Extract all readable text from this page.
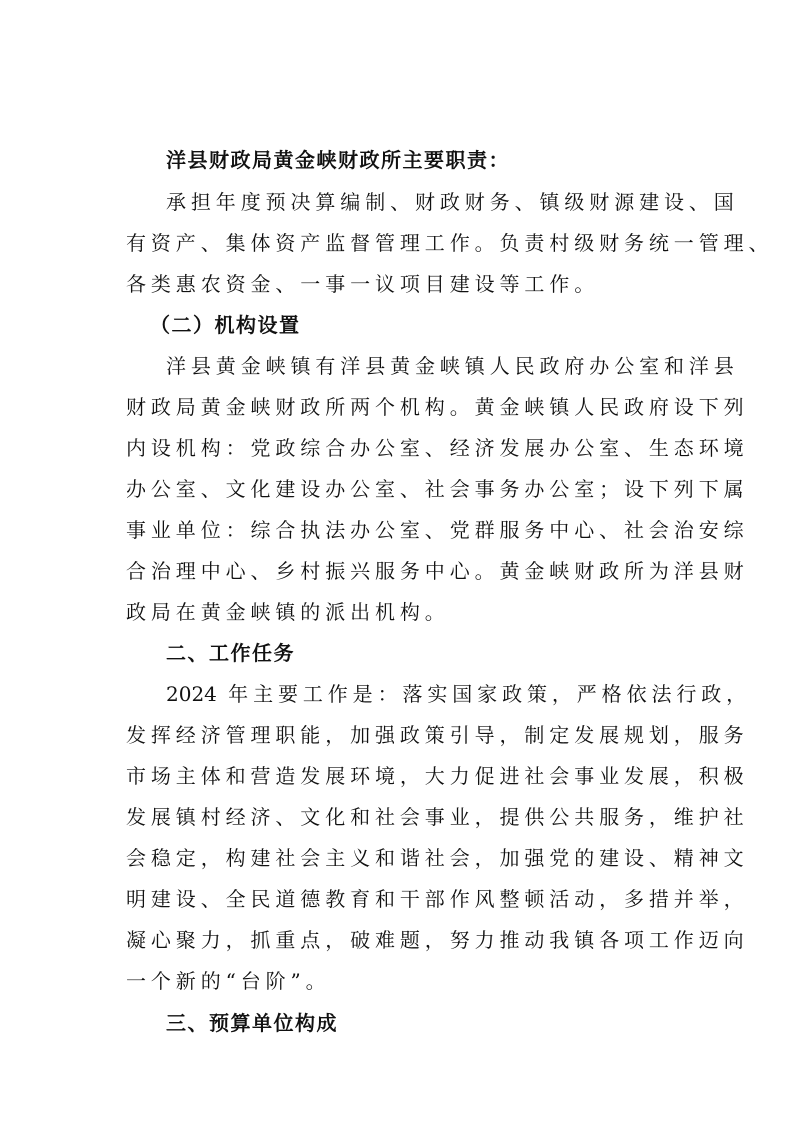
洋县财政局黄金峡财政所主要职责：
承担年度预决算编制、财政财务、镇级财源建设、国
有资产、集体资产监督管理工作。负责村级财务统一管理、
各类惠农资金、一事一议项目建设等工作。
（二）机构设置
洋县黄金峡镇有洋县黄金峡镇人民政府办公室和洋县
财政局黄金峡财政所两个机构。黄金峡镇人民政府设下列
内设机构：党政综合办公室、经济发展办公室、生态环境
办公室、文化建设办公室、社会事务办公室；设下列下属
事业单位：综合执法办公室、党群服务中心、社会治安综
合治理中心、乡村振兴服务中心。黄金峡财政所为洋县财
政局在黄金峡镇的派出机构。
二、工作任务
2024 年主要工作是：落实国家政策，严格依法行政，
发挥经济管理职能，加强政策引导，制定发展规划，服务
市场主体和营造发展环境，大力促进社会事业发展，积极
发展镇村经济、文化和社会事业，提供公共服务，维护社
会稳定，构建社会主义和谐社会，加强党的建设、精神文
明建设、全民道德教育和干部作风整顿活动，多措并举，
凝心聚力，抓重点，破难题，努力推动我镇各项工作迈向
一个新的“台阶”。
三、预算单位构成
